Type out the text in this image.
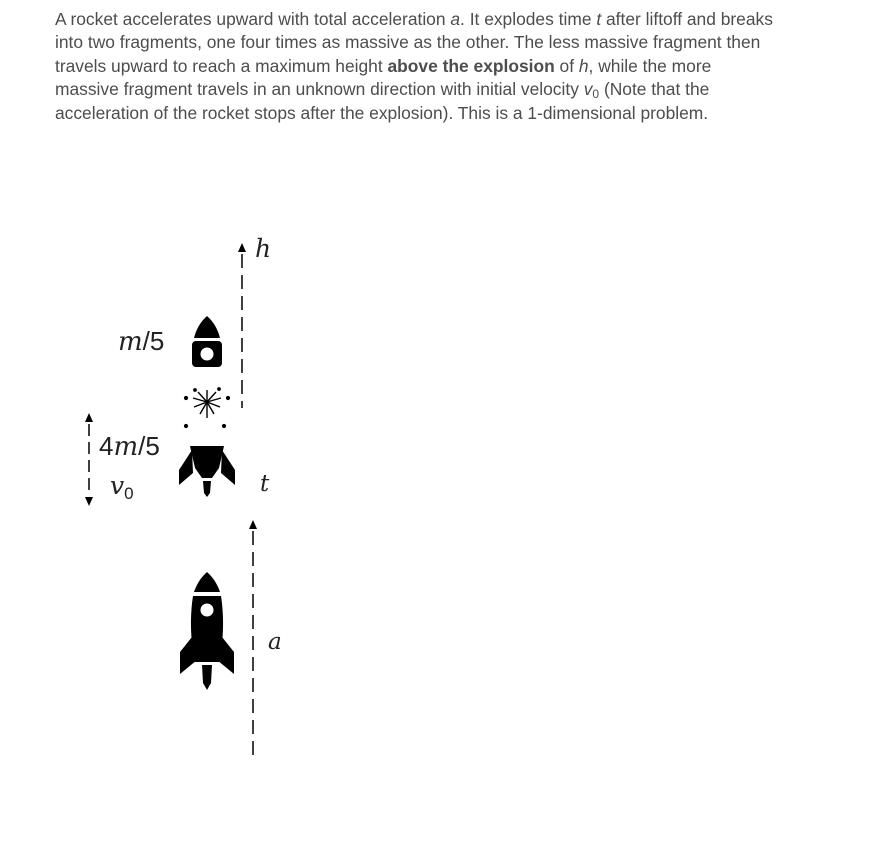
A rocket accelerates upward with total acceleration a. It explodes time t after liftoff and breaks into two fragments, one four times as massive as the other. The less massive fragment then travels upward to reach a maximum height above the explosion of h, while the more massive fragment travels in an unknown direction with initial velocity $v_0$ (Note that the acceleration of the rocket stops after the explosion). This is a 1-dimensional problem.

h
t
a
m/5
4m/5
$v_0$
